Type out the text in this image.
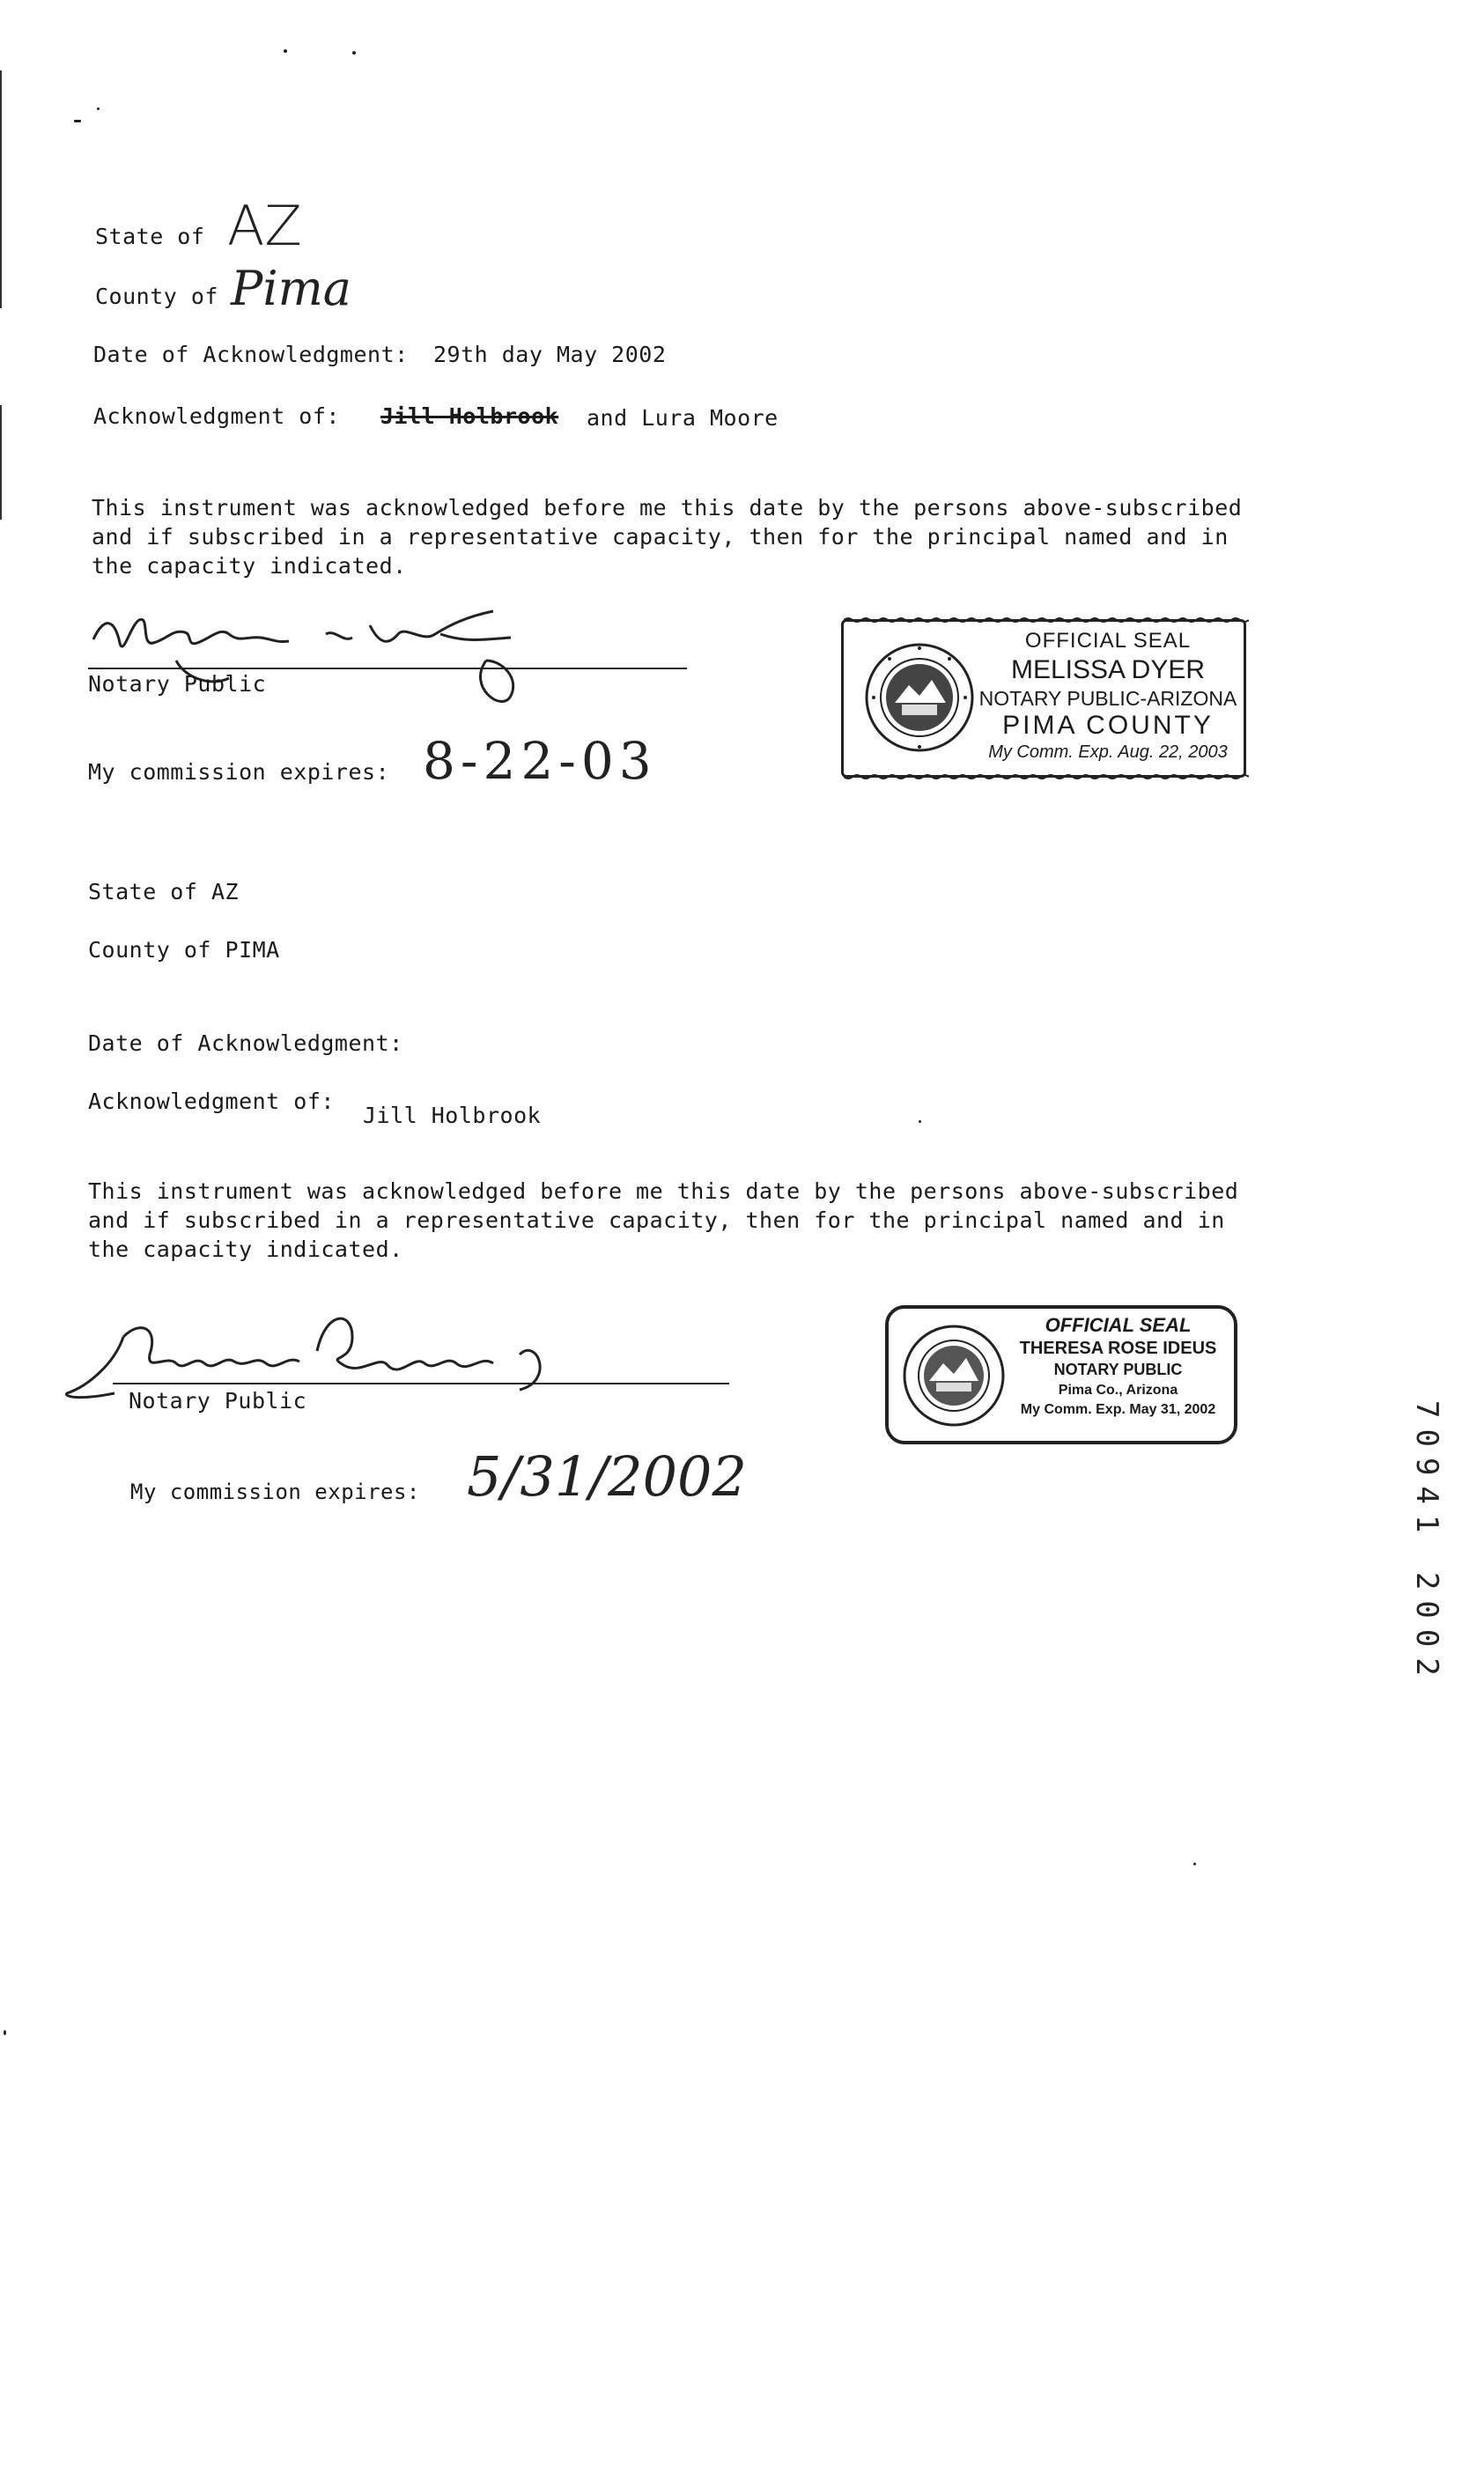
State of AZ
County of Pima
Date of Acknowledgment: 29th day May 2002
Acknowledgment of: Jill Holbrook and Lura Moore
This instrument was acknowledged before me this date by the persons above-subscribed
and if subscribed in a representative capacity, then for the principal named and in
the capacity indicated.
Notary Public
My commission expires: 8-22-03
OFFICIAL SEAL
MELISSA DYER
NOTARY PUBLIC-ARIZONA
PIMA COUNTY
My Comm. Exp. Aug. 22, 2003
State of AZ
County of PIMA
Date of Acknowledgment:
Acknowledgment of:
Jill Holbrook
This instrument was acknowledged before me this date by the persons above-subscribed
and if subscribed in a representative capacity, then for the principal named and in
the capacity indicated.
Notary Public
My commission expires: 5/31/2002
OFFICIAL SEAL
THERESA ROSE IDEUS
NOTARY PUBLIC
Pima Co., Arizona
My Comm. Exp. May 31, 2002	70941 2002
